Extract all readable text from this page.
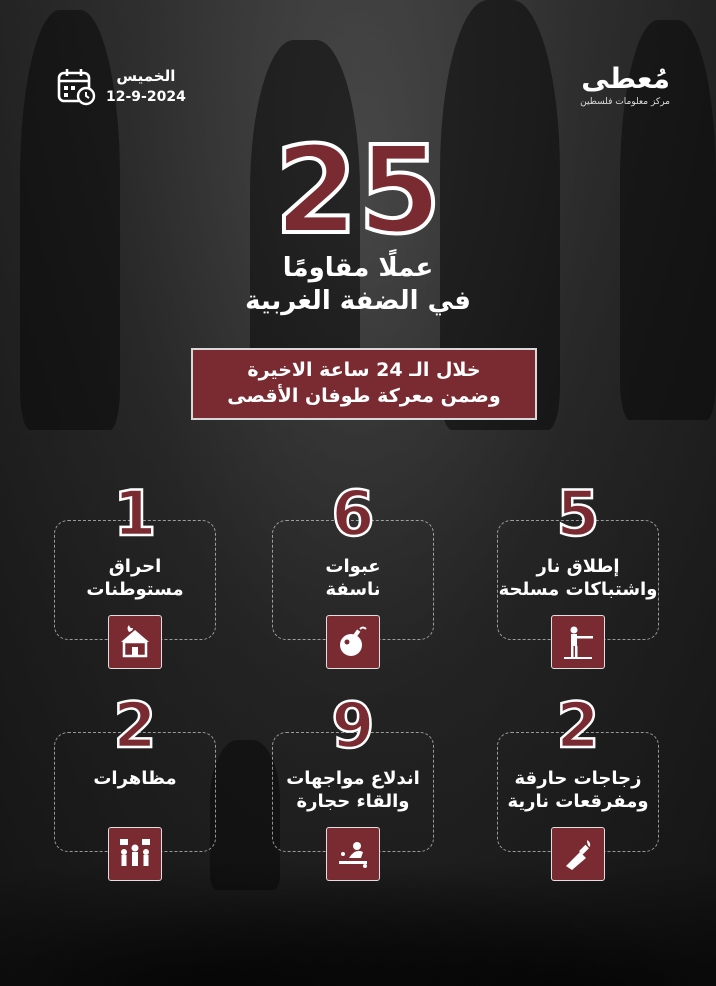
مُعطى
مركز معلومات فلسطين
الخميس
12-9-2024
25
عملًا مقاومًا
في الضفة الغربية
خلال الـ 24 ساعة الاخيرة
وضمن معركة طوفان الأقصى
5
إطلاق نار
واشتباكات مسلحة
6
عبوات
ناسفة
1
احراق
مستوطنات
2
زجاجات حارقة
ومفرقعات نارية
9
اندلاع مواجهات
والقاء حجارة
2
مظاهرات
